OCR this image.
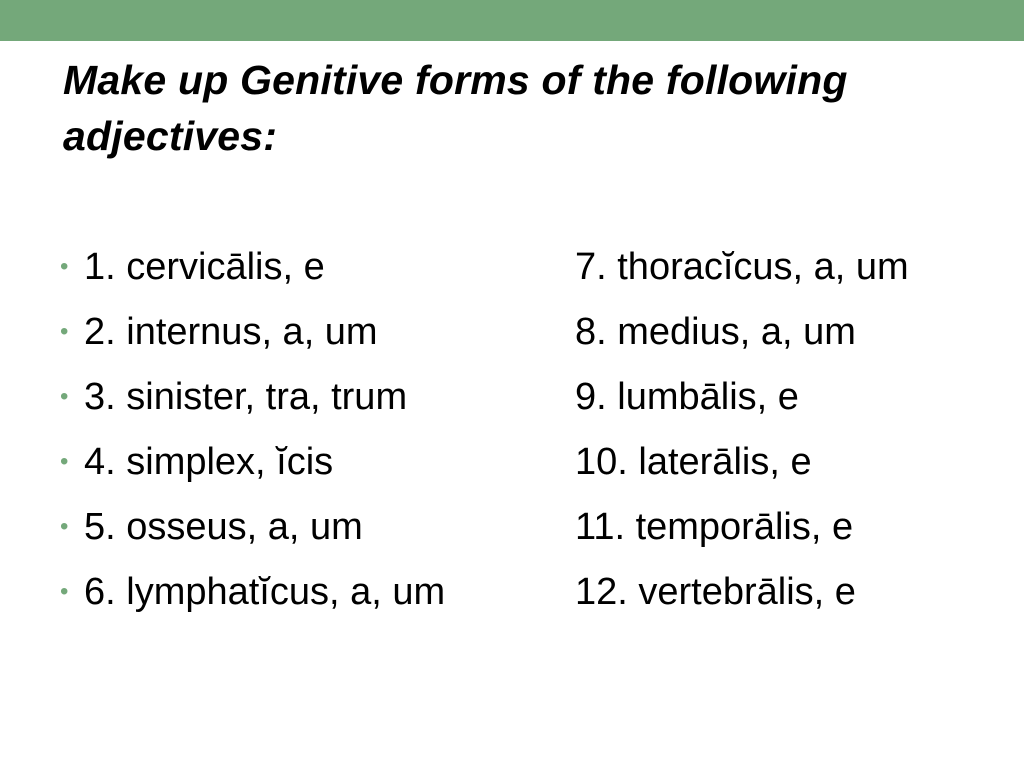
Make up Genitive forms of the following adjectives:
• 1. cervicālis, e
• 2. internus, a, um
• 3. sinister, tra, trum
• 4. simplex, ĭcis
• 5. osseus, a, um
• 6. lymphatĭcus, a, um
7. thoracĭcus, a, um
8. medius, a, um
9. lumbālis, e
10. laterālis, e
11. temporālis, e
12. vertebrālis, e
